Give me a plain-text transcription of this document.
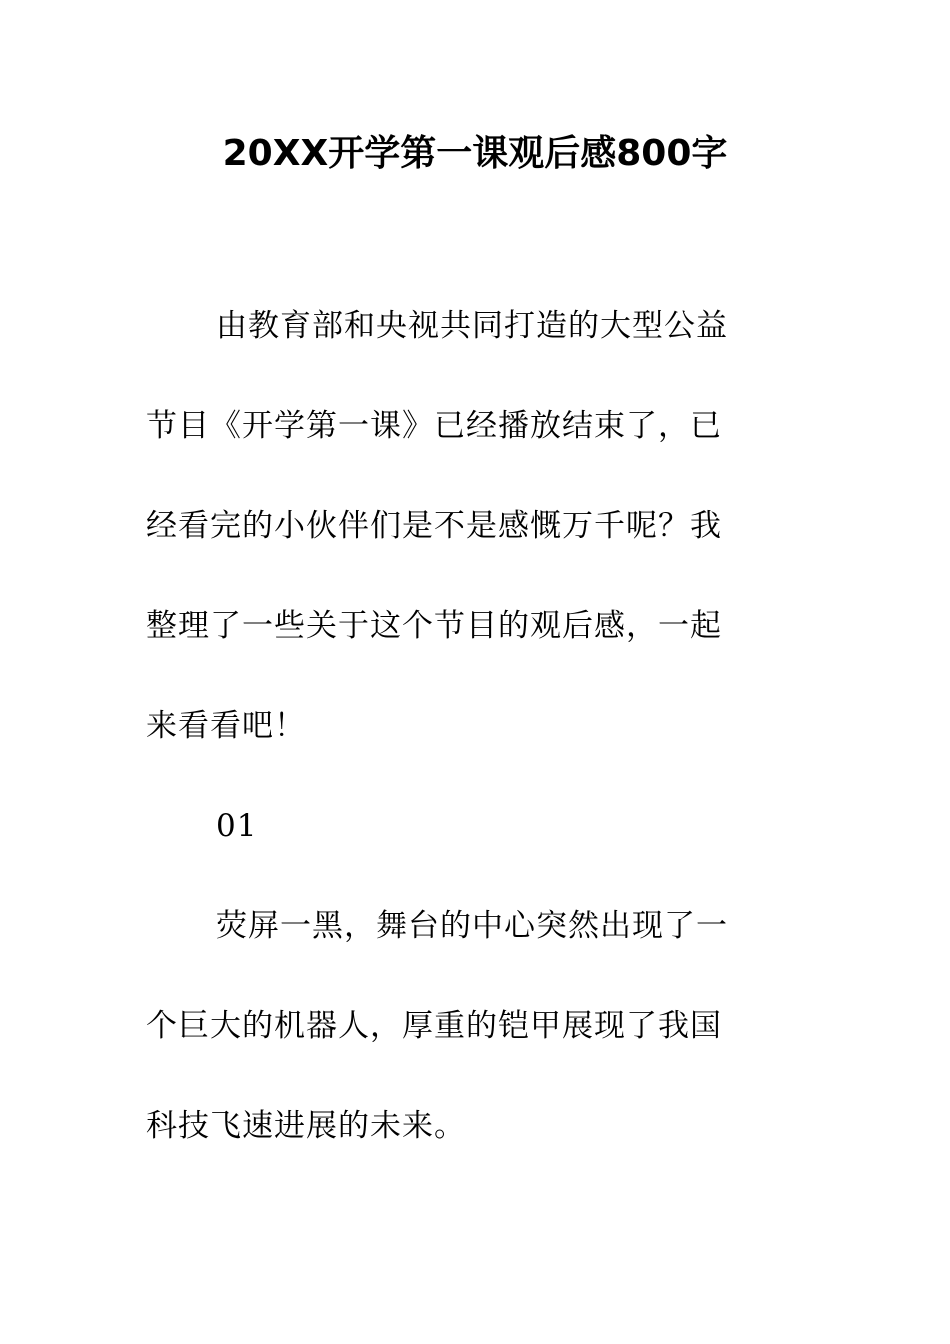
20XX开学第一课观后感800字
由教育部和央视共同打造的大型公益
节目《开学第一课》已经播放结束了，已
经看完的小伙伴们是不是感慨万千呢？我
整理了一些关于这个节目的观后感，一起
来看看吧！
01
荧屏一黑，舞台的中心突然出现了一
个巨大的机器人，厚重的铠甲展现了我国
科技飞速进展的未来。
